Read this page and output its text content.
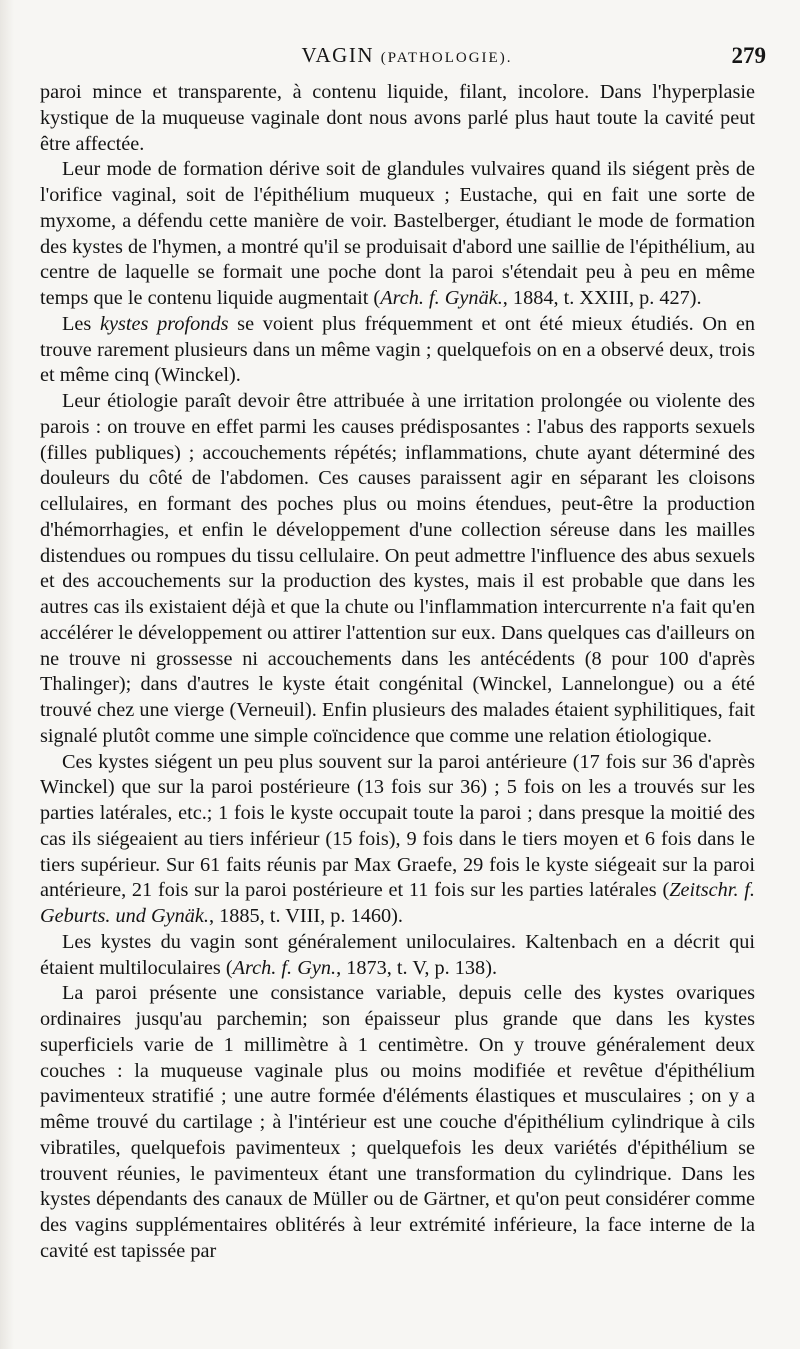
VAGIN (PATHOLOGIE).	279

paroi mince et transparente, à contenu liquide, filant, incolore. Dans l'hyperplasie kystique de la muqueuse vaginale dont nous avons parlé plus haut toute la cavité peut être affectée.

Leur mode de formation dérive soit de glandules vulvaires quand ils siégent près de l'orifice vaginal, soit de l'épithélium muqueux ; Eustache, qui en fait une sorte de myxome, a défendu cette manière de voir. Bastelberger, étudiant le mode de formation des kystes de l'hymen, a montré qu'il se produisait d'abord une saillie de l'épithélium, au centre de laquelle se formait une poche dont la paroi s'étendait peu à peu en même temps que le contenu liquide augmentait (Arch. f. Gynäk., 1884, t. XXIII, p. 427).

Les kystes profonds se voient plus fréquemment et ont été mieux étudiés. On en trouve rarement plusieurs dans un même vagin ; quelquefois on en a observé deux, trois et même cinq (Winckel).

Leur étiologie paraît devoir être attribuée à une irritation prolongée ou violente des parois : on trouve en effet parmi les causes prédisposantes : l'abus des rapports sexuels (filles publiques) ; accouchements répétés; inflammations, chute ayant déterminé des douleurs du côté de l'abdomen. Ces causes paraissent agir en séparant les cloisons cellulaires, en formant des poches plus ou moins étendues, peut-être la production d'hémorrhagies, et enfin le développement d'une collection séreuse dans les mailles distendues ou rompues du tissu cellulaire. On peut admettre l'influence des abus sexuels et des accouchements sur la production des kystes, mais il est probable que dans les autres cas ils existaient déjà et que la chute ou l'inflammation intercurrente n'a fait qu'en accélérer le développement ou attirer l'attention sur eux. Dans quelques cas d'ailleurs on ne trouve ni grossesse ni accouchements dans les antécédents (8 pour 100 d'après Thalinger); dans d'autres le kyste était congénital (Winckel, Lannelongue) ou a été trouvé chez une vierge (Verneuil). Enfin plusieurs des malades étaient syphilitiques, fait signalé plutôt comme une simple coïncidence que comme une relation étiologique.

Ces kystes siégent un peu plus souvent sur la paroi antérieure (17 fois sur 36 d'après Winckel) que sur la paroi postérieure (13 fois sur 36) ; 5 fois on les a trouvés sur les parties latérales, etc.; 1 fois le kyste occupait toute la paroi ; dans presque la moitié des cas ils siégeaient au tiers inférieur (15 fois), 9 fois dans le tiers moyen et 6 fois dans le tiers supérieur. Sur 61 faits réunis par Max Graefe, 29 fois le kyste siégeait sur la paroi antérieure, 21 fois sur la paroi postérieure et 11 fois sur les parties latérales (Zeitschr. f. Geburts. und Gynäk., 1885, t. VIII, p. 1460).

Les kystes du vagin sont généralement uniloculaires. Kaltenbach en a décrit qui étaient multiloculaires (Arch. f. Gyn., 1873, t. V, p. 138).

La paroi présente une consistance variable, depuis celle des kystes ovariques ordinaires jusqu'au parchemin; son épaisseur plus grande que dans les kystes superficiels varie de 1 millimètre à 1 centimètre. On y trouve généralement deux couches : la muqueuse vaginale plus ou moins modifiée et revêtue d'épithélium pavimenteux stratifié ; une autre formée d'éléments élastiques et musculaires ; on y a même trouvé du cartilage ; à l'intérieur est une couche d'épithélium cylindrique à cils vibratiles, quelquefois pavimenteux ; quelquefois les deux variétés d'épithélium se trouvent réunies, le pavimenteux étant une transformation du cylindrique. Dans les kystes dépendants des canaux de Müller ou de Gärtner, et qu'on peut considérer comme des vagins supplémentaires oblitérés à leur extrémité inférieure, la face interne de la cavité est tapissée par
